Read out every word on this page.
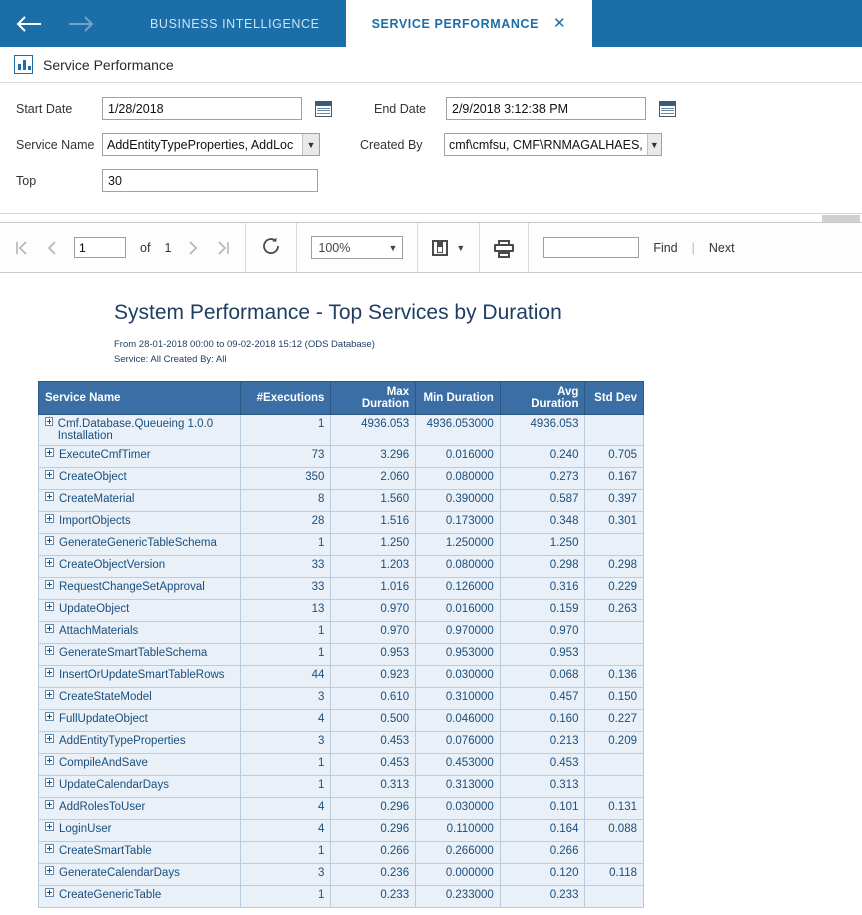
BUSINESS INTELLIGENCE	SERVICE PERFORMANCE ✕
Service Performance
Start Date
1/28/2018	End Date
2/9/2018 3:12:38 PM
Service Name	AddEntityTypeProperties, AddLoc	▼	Created By	cmf\cmfsu, CMF\RNMAGALHAES, ▼
Top
30
1
of 1	100%	▼	▼	Find | Next
System Performance - Top Services by Duration
From 28-01-2018 00:00 to 09-02-2018 15:12 (ODS Database)
Service: All Created By: All
Service Name	#Executions	Max Duration	Min Duration	Avg Duration	Std Dev

Cmf.Database.Queueing 1.0.0 Installation	1	4936.053	4936.053000	4936.053	

ExecuteCmfTimer	73	3.296	0.016000	0.240	0.705

CreateObject	350	2.060	0.080000	0.273	0.167

CreateMaterial	8	1.560	0.390000	0.587	0.397

ImportObjects	28	1.516	0.173000	0.348	0.301

GenerateGenericTableSchema	1	1.250	1.250000	1.250	

CreateObjectVersion	33	1.203	0.080000	0.298	0.298

RequestChangeSetApproval	33	1.016	0.126000	0.316	0.229

UpdateObject	13	0.970	0.016000	0.159	0.263

AttachMaterials	1	0.970	0.970000	0.970	

GenerateSmartTableSchema	1	0.953	0.953000	0.953	

InsertOrUpdateSmartTableRows	44	0.923	0.030000	0.068	0.136

CreateStateModel	3	0.610	0.310000	0.457	0.150

FullUpdateObject	4	0.500	0.046000	0.160	0.227

AddEntityTypeProperties	3	0.453	0.076000	0.213	0.209

CompileAndSave	1	0.453	0.453000	0.453	

UpdateCalendarDays	1	0.313	0.313000	0.313	

AddRolesToUser	4	0.296	0.030000	0.101	0.131

LoginUser	4	0.296	0.110000	0.164	0.088

CreateSmartTable	1	0.266	0.266000	0.266	

GenerateCalendarDays	3	0.236	0.000000	0.120	0.118

CreateGenericTable	1	0.233	0.233000	0.233	
